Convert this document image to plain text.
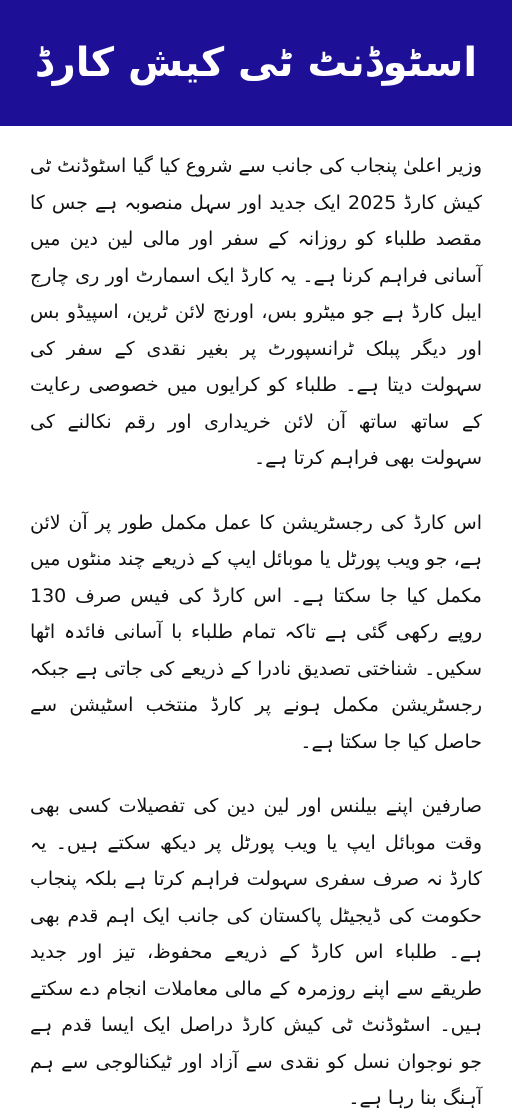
اسٹوڈنٹ ٹی کیش کارڈ

وزیر اعلیٰ پنجاب کی جانب سے شروع کیا گیا اسٹوڈنٹ ٹی کیش کارڈ 2025 ایک جدید اور سہل منصوبہ ہے جس کا مقصد طلباء کو روزانہ کے سفر اور مالی لین دین میں آسانی فراہم کرنا ہے۔ یہ کارڈ ایک اسمارٹ اور ری چارج ایبل کارڈ ہے جو میٹرو بس، اورنج لائن ٹرین، اسپیڈو بس اور دیگر پبلک ٹرانسپورٹ پر بغیر نقدی کے سفر کی سہولت دیتا ہے۔ طلباء کو کرایوں میں خصوصی رعایت کے ساتھ ساتھ آن لائن خریداری اور رقم نکالنے کی سہولت بھی فراہم کرتا ہے۔

اس کارڈ کی رجسٹریشن کا عمل مکمل طور پر آن لائن ہے، جو ویب پورٹل یا موبائل ایپ کے ذریعے چند منٹوں میں مکمل کیا جا سکتا ہے۔ اس کارڈ کی فیس صرف 130 روپے رکھی گئی ہے تاکہ تمام طلباء با آسانی فائدہ اٹھا سکیں۔ شناختی تصدیق نادرا کے ذریعے کی جاتی ہے جبکہ رجسٹریشن مکمل ہونے پر کارڈ منتخب اسٹیشن سے حاصل کیا جا سکتا ہے۔

صارفین اپنے بیلنس اور لین دین کی تفصیلات کسی بھی وقت موبائل ایپ یا ویب پورٹل پر دیکھ سکتے ہیں۔ یہ کارڈ نہ صرف سفری سہولت فراہم کرتا ہے بلکہ پنجاب حکومت کی ڈیجیٹل پاکستان کی جانب ایک اہم قدم بھی ہے۔ طلباء اس کارڈ کے ذریعے محفوظ، تیز اور جدید طریقے سے اپنے روزمرہ کے مالی معاملات انجام دے سکتے ہیں۔ اسٹوڈنٹ ٹی کیش کارڈ دراصل ایک ایسا قدم ہے جو نوجوان نسل کو نقدی سے آزاد اور ٹیکنالوجی سے ہم آہنگ بنا رہا ہے۔
